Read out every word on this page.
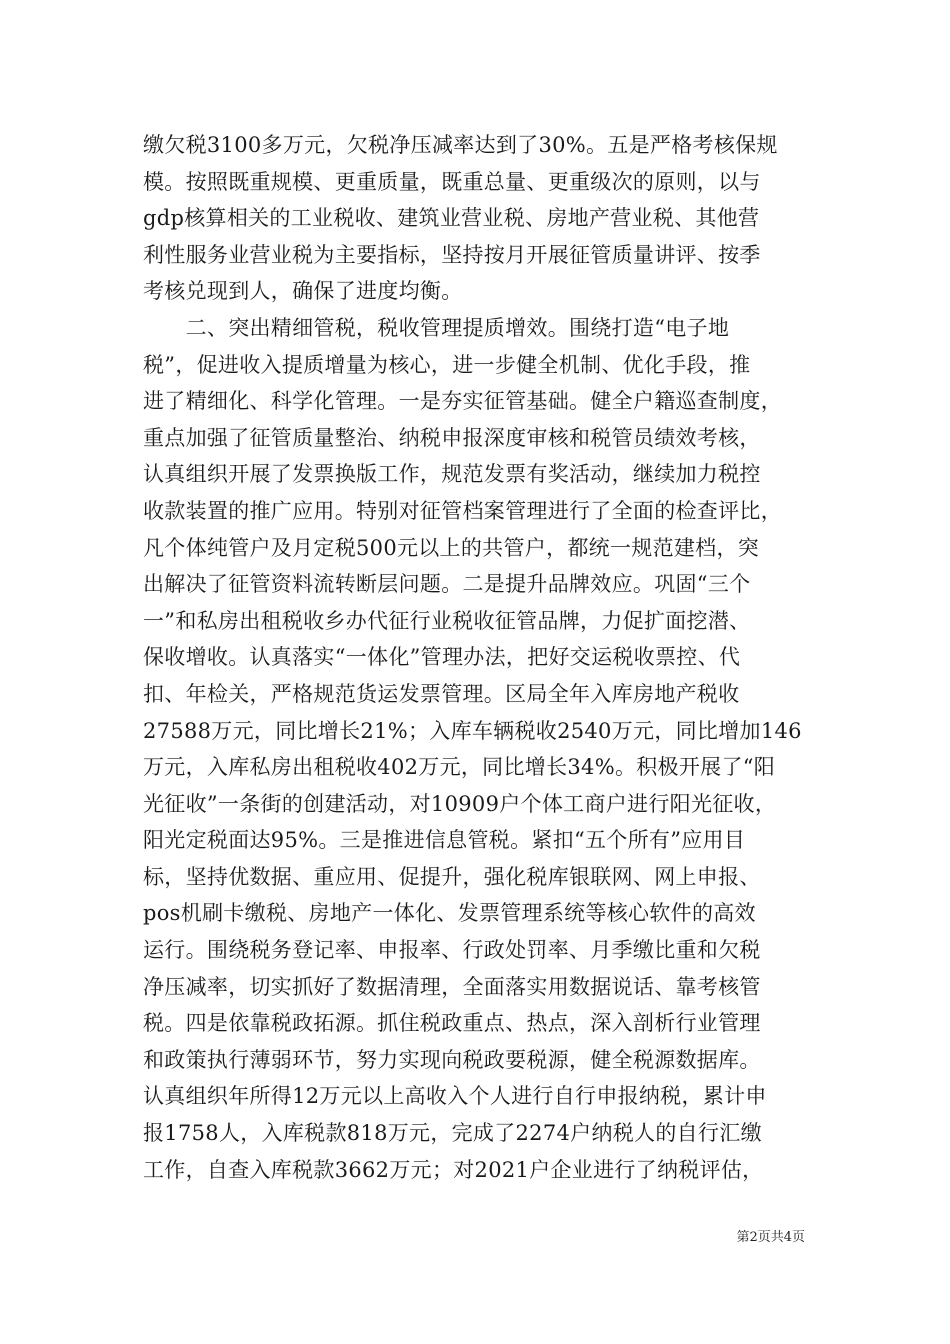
缴欠税3100多万元，欠税净压减率达到了30%。五是严格考核保规
模。按照既重规模、更重质量，既重总量、更重级次的原则，以与
gdp核算相关的工业税收、建筑业营业税、房地产营业税、其他营
利性服务业营业税为主要指标，坚持按月开展征管质量讲评、按季
考核兑现到人，确保了进度均衡。
　　二、突出精细管税，税收管理提质增效。围绕打造“电子地
税”，促进收入提质增量为核心，进一步健全机制、优化手段，推
进了精细化、科学化管理。一是夯实征管基础。健全户籍巡查制度，
重点加强了征管质量整治、纳税申报深度审核和税管员绩效考核，
认真组织开展了发票换版工作，规范发票有奖活动，继续加力税控
收款装置的推广应用。特别对征管档案管理进行了全面的检查评比，
凡个体纯管户及月定税500元以上的共管户，都统一规范建档，突
出解决了征管资料流转断层问题。二是提升品牌效应。巩固“三个
一”和私房出租税收乡办代征行业税收征管品牌，力促扩面挖潜、
保收增收。认真落实“一体化”管理办法，把好交运税收票控、代
扣、年检关，严格规范货运发票管理。区局全年入库房地产税收
27588万元，同比增长21%；入库车辆税收2540万元，同比增加146
万元，入库私房出租税收402万元，同比增长34%。积极开展了“阳
光征收”一条街的创建活动，对10909户个体工商户进行阳光征收，
阳光定税面达95%。三是推进信息管税。紧扣“五个所有”应用目
标，坚持优数据、重应用、促提升，强化税库银联网、网上申报、
pos机刷卡缴税、房地产一体化、发票管理系统等核心软件的高效
运行。围绕税务登记率、申报率、行政处罚率、月季缴比重和欠税
净压减率，切实抓好了数据清理，全面落实用数据说话、靠考核管
税。四是依靠税政拓源。抓住税政重点、热点，深入剖析行业管理
和政策执行薄弱环节，努力实现向税政要税源，健全税源数据库。
认真组织年所得12万元以上高收入个人进行自行申报纳税，累计申
报1758人，入库税款818万元，完成了2274户纳税人的自行汇缴
工作，自查入库税款3662万元；对2021户企业进行了纳税评估，
第2页共4页
